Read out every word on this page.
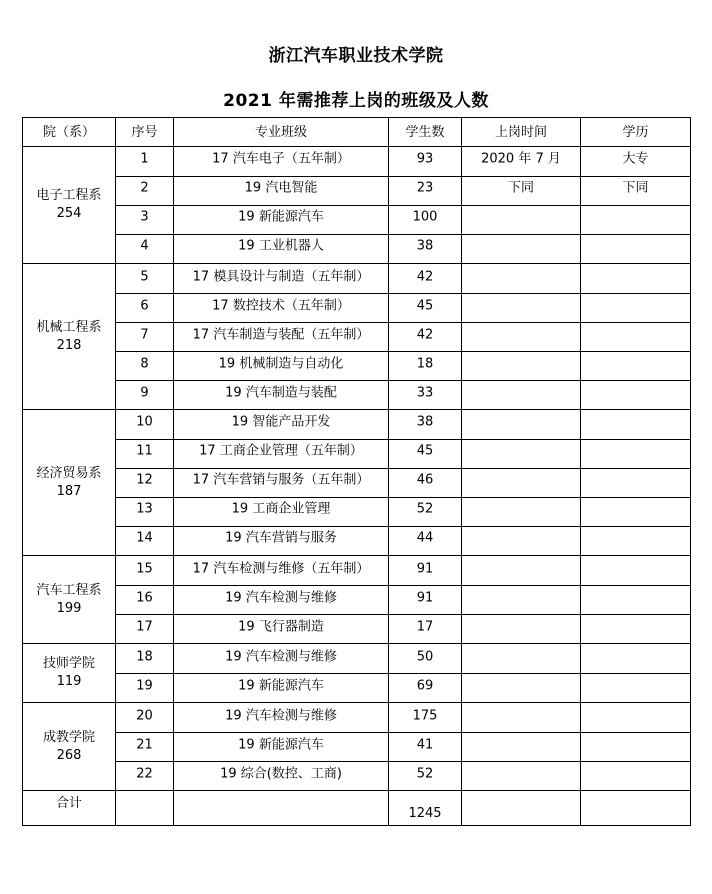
浙江汽车职业技术学院
2021 年需推荐上岗的班级及人数
院（系）	序号	专业班级	学生数	上岗时间	学历

电子工程系
254	1	17 汽车电子（五年制）	93	2020 年 7 月	大专

	2	19 汽电智能	23	下同	下同

	3	19 新能源汽车	100		

	4	19 工业机器人	38		

机械工程系
218	5	17 模具设计与制造（五年制）	42		

	6	17 数控技术（五年制）	45		

	7	17 汽车制造与装配（五年制）	42		

	8	19 机械制造与自动化	18		

	9	19 汽车制造与装配	33		

经济贸易系
187	10	19 智能产品开发	38		

	11	17 工商企业管理（五年制）	45		

	12	17 汽车营销与服务（五年制）	46		

	13	19 工商企业管理	52		

	14	19 汽车营销与服务	44		

汽车工程系
199	15	17 汽车检测与维修（五年制）	91		

	16	19 汽车检测与维修	91		

	17	19 飞行器制造	17		

技师学院
119	18	19 汽车检测与维修	50		

	19	19 新能源汽车	69		

成教学院
268	20	19 汽车检测与维修	175		

	21	19 新能源汽车	41		

	22	19 综合(数控、工商)	52		

合计			1245		
